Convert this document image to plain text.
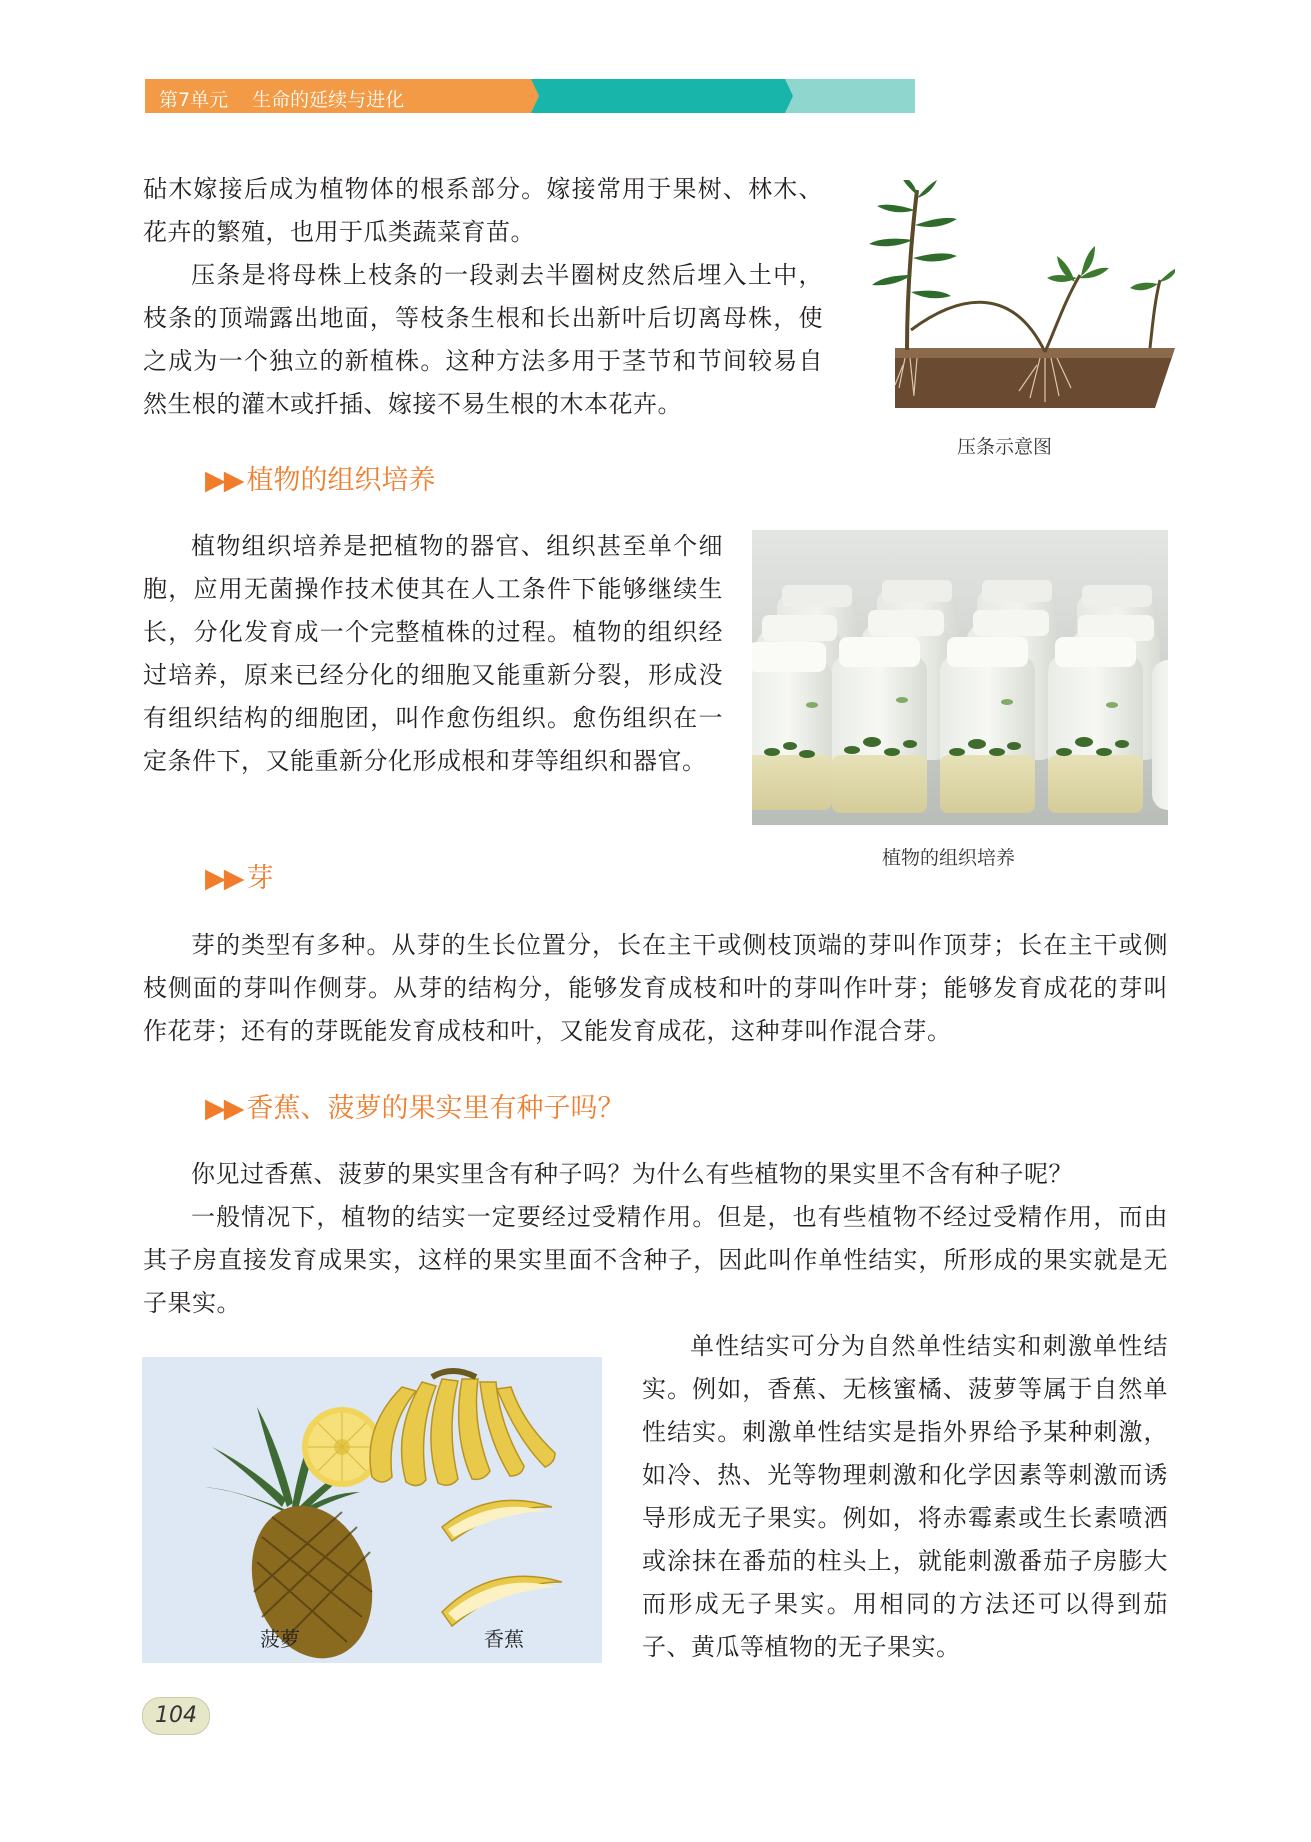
第7单元 生命的延续与进化

砧木嫁接后成为植物体的根系部分。嫁接常用于果树、林木、花卉的繁殖，也用于瓜类蔬菜育苗。

压条是将母株上枝条的一段剥去半圈树皮然后埋入土中，枝条的顶端露出地面，等枝条生根和长出新叶后切离母株，使之成为一个独立的新植株。这种方法多用于茎节和节间较易自然生根的灌木或扦插、嫁接不易生根的木本花卉。

压条示意图
▶▶ 植物的组织培养

植物组织培养是把植物的器官、组织甚至单个细胞，应用无菌操作技术使其在人工条件下能够继续生长，分化发育成一个完整植株的过程。植物的组织经过培养，原来已经分化的细胞又能重新分裂，形成没有组织结构的细胞团，叫作愈伤组织。愈伤组织在一定条件下，又能重新分化形成根和芽等组织和器官。

植物的组织培养
▶▶ 芽

芽的类型有多种。从芽的生长位置分，长在主干或侧枝顶端的芽叫作顶芽；长在主干或侧枝侧面的芽叫作侧芽。从芽的结构分，能够发育成枝和叶的芽叫作叶芽；能够发育成花的芽叫作花芽；还有的芽既能发育成枝和叶，又能发育成花，这种芽叫作混合芽。

▶▶ 香蕉、菠萝的果实里有种子吗？

你见过香蕉、菠萝的果实里含有种子吗？为什么有些植物的果实里不含有种子呢？

一般情况下，植物的结实一定要经过受精作用。但是，也有些植物不经过受精作用，而由其子房直接发育成果实，这样的果实里面不含种子，因此叫作单性结实，所形成的果实就是无子果实。

菠萝	香蕉

单性结实可分为自然单性结实和刺激单性结实。例如，香蕉、无核蜜橘、菠萝等属于自然单性结实。刺激单性结实是指外界给予某种刺激，如冷、热、光等物理刺激和化学因素等刺激而诱导形成无子果实。例如，将赤霉素或生长素喷洒或涂抹在番茄的柱头上，就能刺激番茄子房膨大而形成无子果实。用相同的方法还可以得到茄子、黄瓜等植物的无子果实。

104
